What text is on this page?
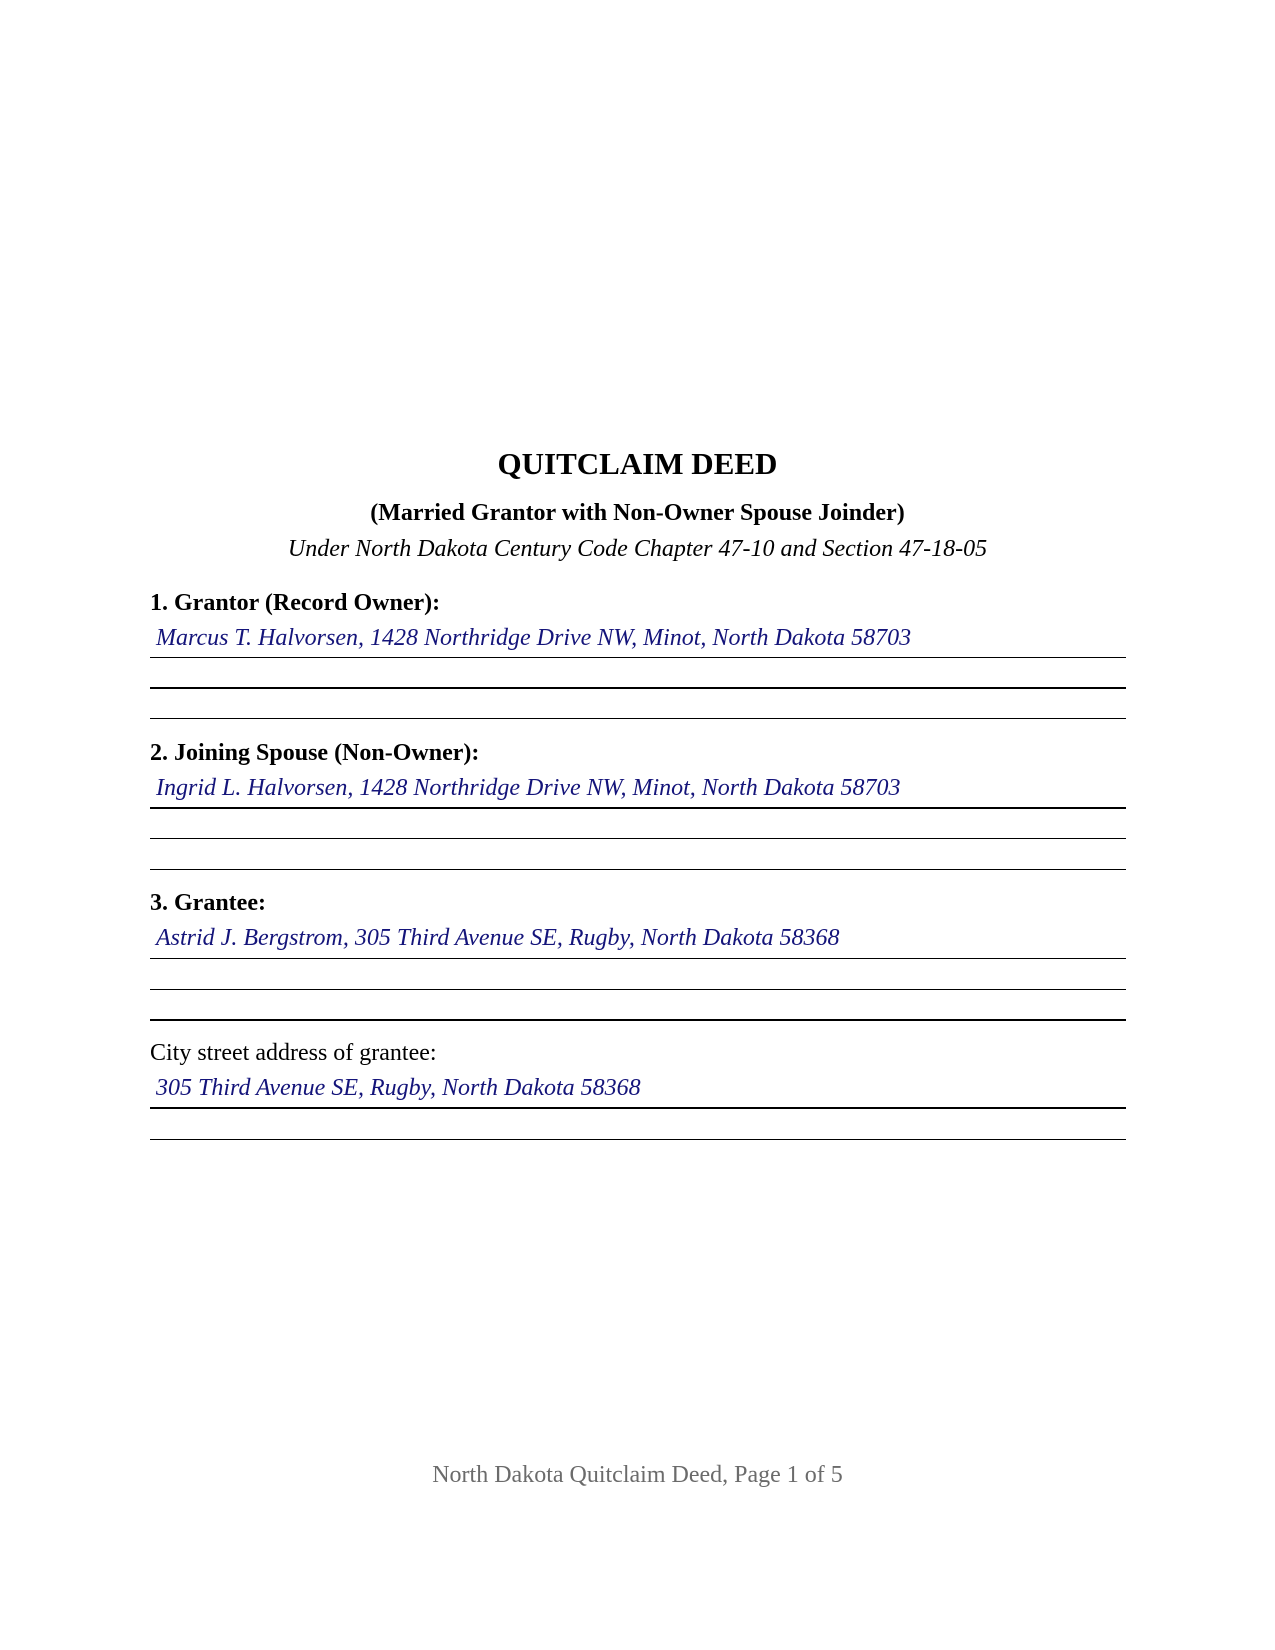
QUITCLAIM DEED
(Married Grantor with Non-Owner Spouse Joinder)
Under North Dakota Century Code Chapter 47-10 and Section 47-18-05
1. Grantor (Record Owner):
Marcus T. Halvorsen, 1428 Northridge Drive NW, Minot, North Dakota 58703
2. Joining Spouse (Non-Owner):
Ingrid L. Halvorsen, 1428 Northridge Drive NW, Minot, North Dakota 58703
3. Grantee:
Astrid J. Bergstrom, 305 Third Avenue SE, Rugby, North Dakota 58368
City street address of grantee:
305 Third Avenue SE, Rugby, North Dakota 58368
North Dakota Quitclaim Deed, Page 1 of 5
